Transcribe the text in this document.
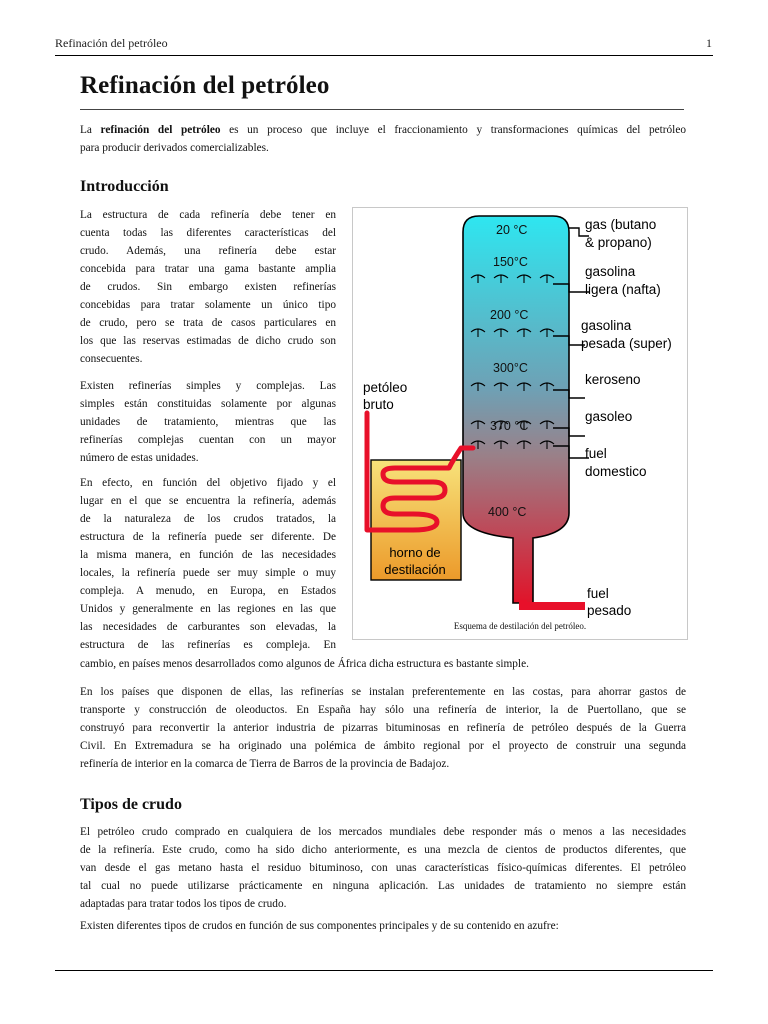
Refinación del petróleo	1
Refinación del petróleo

La refinación del petróleo es un proceso que incluye el fraccionamiento y transformaciones químicas del petróleo

para producir derivados comercializables.

Introducción

La estructura de cada refinería debe tener en

cuenta todas las diferentes características del

crudo. Además, una refinería debe estar

concebida para tratar una gama bastante amplia

de crudos. Sin embargo existen refinerías

concebidas para tratar solamente un único tipo

de crudo, pero se trata de casos particulares en

los que las reservas estimadas de dicho crudo son

consecuentes.

Existen refinerías simples y complejas. Las

simples están constituidas solamente por algunas

unidades de tratamiento, mientras que las

refinerías complejas cuentan con un mayor

número de estas unidades.

En efecto, en función del objetivo fijado y el

lugar en el que se encuentra la refinería, además

de la naturaleza de los crudos tratados, la

estructura de la refinería puede ser diferente. De

la misma manera, en función de las necesidades

locales, la refinería puede ser muy simple o muy

compleja. A menudo, en Europa, en Estados

Unidos y generalmente en las regiones en las que

las necesidades de carburantes son elevadas, la

estructura de las refinerías es compleja. En

cambio, en países menos desarrollados como algunos de África dicha estructura es bastante simple.

En los países que disponen de ellas, las refinerías se instalan preferentemente en las costas, para ahorrar gastos de

transporte y construcción de oleoductos. En España hay sólo una refinería de interior, la de Puertollano, que se

construyó para reconvertir la anterior industria de pizarras bituminosas en refinería de petróleo después de la Guerra

Civil. En Extremadura se ha originado una polémica de ámbito regional por el proyecto de construir una segunda

refinería de interior en la comarca de Tierra de Barros de la provincia de Badajoz.

Tipos de crudo

El petróleo crudo comprado en cualquiera de los mercados mundiales debe responder más o menos a las necesidades

de la refinería. Este crudo, como ha sido dicho anteriormente, es una mezcla de cientos de productos diferentes, que

van desde el gas metano hasta el residuo bituminoso, con unas características físico-químicas diferentes. El petróleo

tal cual no puede utilizarse prácticamente en ninguna aplicación. Las unidades de tratamiento no siempre están

adaptadas para tratar todos los tipos de crudo.

Existen diferentes tipos de crudos en función de sus componentes principales y de su contenido en azufre:

20 °C
150°C
200 °C
300°C
370 °C
400 °C
gas (butano
& propano)
gasolina
ligera (nafta)
gasolina
pesada (super)
keroseno
gasoleo
fuel
domestico
fuel
pesado
petóleo
bruto
horno de
destilación
Esquema de destilación del petróleo.
